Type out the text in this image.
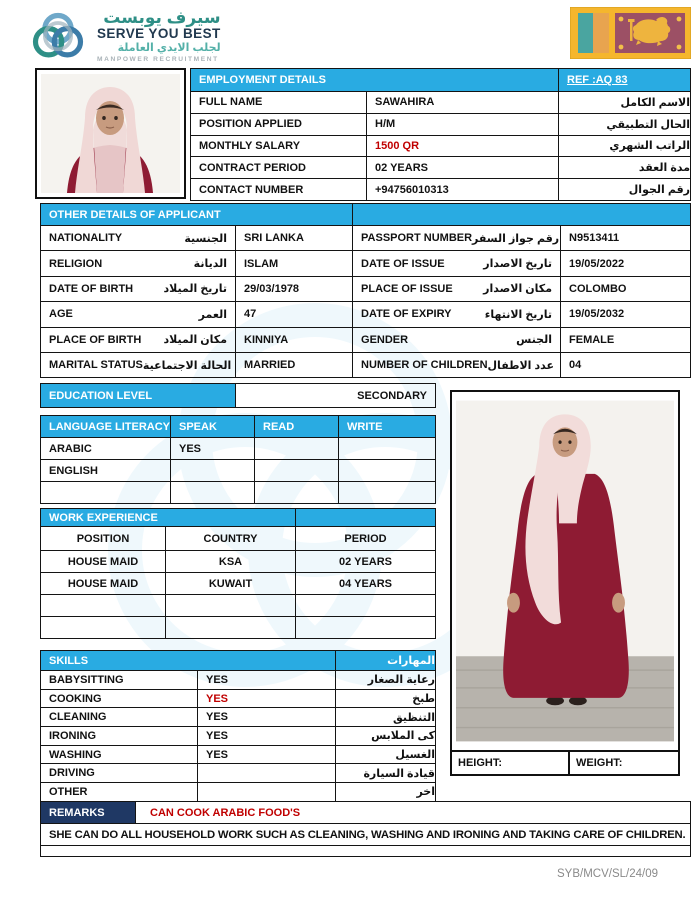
سيرف يوبست
SERVE YOU BEST
لجلب الايدي العاملة
MANPOWER RECRUITMENT
EMPLOYMENT DETAILS		REF :AQ 83
FULL NAME	SAWAHIRA	الاسم الكامل
POSITION APPLIED	H/M	الحال التطبيقي
MONTHLY SALARY	1500 QR	الراتب الشهري
CONTRACT PERIOD	02 YEARS	مدة العقد
CONTACT NUMBER	+94756010313	رقم الجوال
OTHER DETAILS OF APPLICANT			

NATIONALITY الجنسية	SRI LANKA	PASSPORT NUMBER رقم جواز السفر	N9513411

RELIGION الديانة	ISLAM	DATE OF ISSUE تاريخ الاصدار	19/05/2022

DATE OF BIRTH تاريخ الميلاد	29/03/1978	PLACE OF ISSUE مكان الاصدار	COLOMBO

AGE العمر	47	DATE OF EXPIRY تاريخ الانتهاء	19/05/2032

PLACE OF BIRTH مكان الميلاد	KINNIYA	GENDER الجنس	FEMALE

MARITAL STATUS الحالة الاجتماعية	MARRIED	NUMBER OF CHILDREN عدد الاطفال	04
EDUCATION LEVEL	SECONDARY
LANGUAGE LITERACY	SPEAK	READ	WRITE
ARABIC	YES		
ENGLISH			

WORK EXPERIENCE		
POSITION	COUNTRY	PERIOD
HOUSE MAID	KSA	02 YEARS
HOUSE MAID	KUWAIT	04 YEARS

SKILLS		المهارات
BABYSITTING	YES	رعاية الصغار
COOKING	YES	طبخ
CLEANING	YES	التنظيق
IRONING	YES	كى الملابس
WASHING	YES	الغسيل
DRIVING		قيادة السيارة
OTHER		اخر
HEIGHT:	WEIGHT:
REMARKS	CAN COOK ARABIC FOOD'S
SHE CAN DO ALL HOUSEHOLD WORK SUCH AS CLEANING, WASHING AND IRONING AND TAKING CARE OF CHILDREN.

SYB/MCV/SL/24/09
